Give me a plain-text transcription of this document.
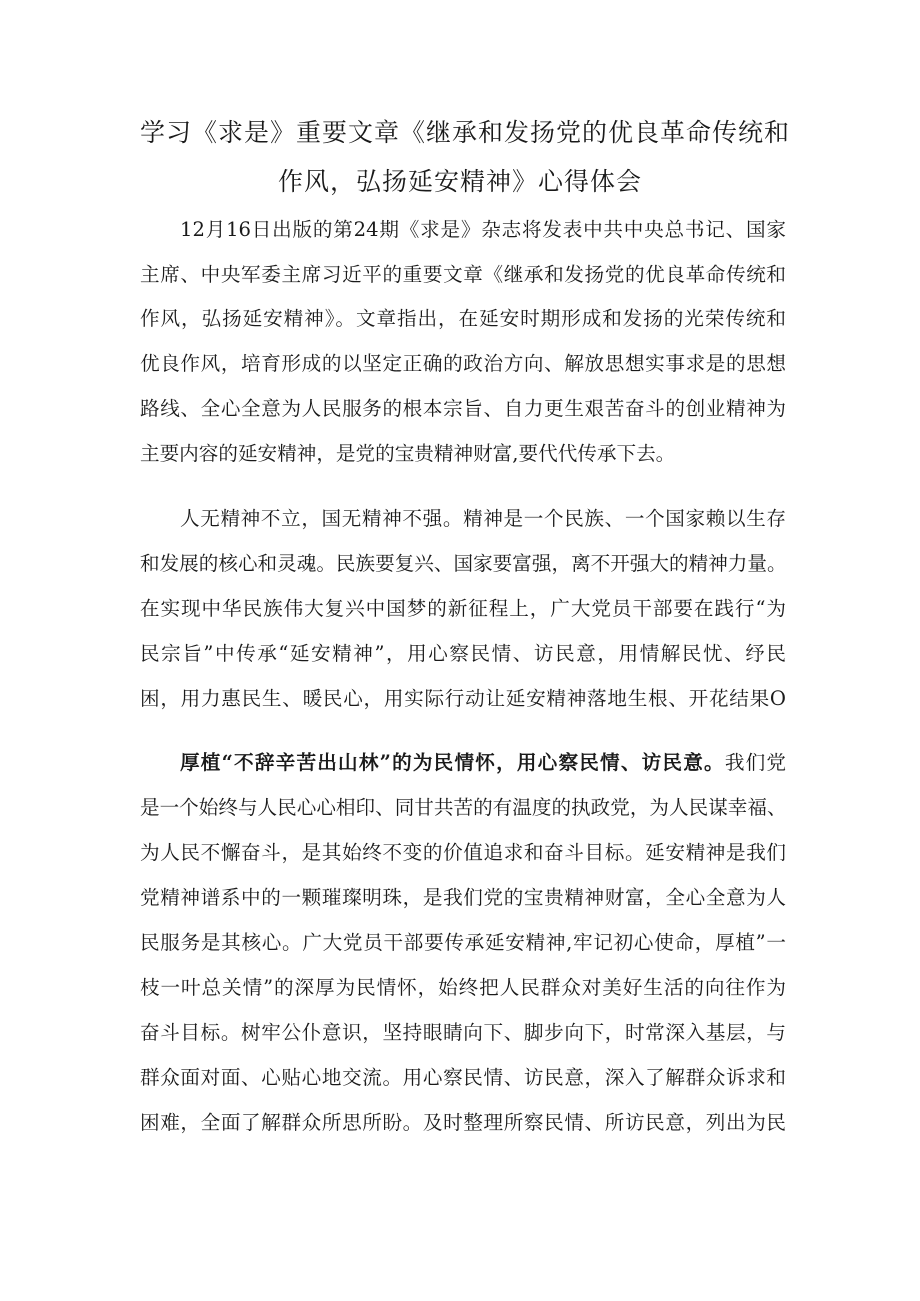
学习《求是》重要文章《继承和发扬党的优良革命传统和
作风，弘扬延安精神》心得体会

12月16日出版的第24期《求是》杂志将发表中共中央总书记、国家

主席、中央军委主席习近平的重要文章《继承和发扬党的优良革命传统和

作风，弘扬延安精神》。文章指出，在延安时期形成和发扬的光荣传统和

优良作风，培育形成的以坚定正确的政治方向、解放思想实事求是的思想

路线、全心全意为人民服务的根本宗旨、自力更生艰苦奋斗的创业精神为

主要内容的延安精神，是党的宝贵精神财富,要代代传承下去。

人无精神不立，国无精神不强。精神是一个民族、一个国家赖以生存

和发展的核心和灵魂。民族要复兴、国家要富强，离不开强大的精神力量。

在实现中华民族伟大复兴中国梦的新征程上，广大党员干部要在践行“为

民宗旨”中传承“延安精神”，用心察民情、访民意，用情解民忧、纾民

困，用力惠民生、暖民心，用实际行动让延安精神落地生根、开花结果O

厚植“不辞辛苦出山林”的为民情怀，用心察民情、访民意。我们党

是一个始终与人民心心相印、同甘共苦的有温度的执政党，为人民谋幸福、

为人民不懈奋斗，是其始终不变的价值追求和奋斗目标。延安精神是我们

党精神谱系中的一颗璀璨明珠，是我们党的宝贵精神财富，全心全意为人

民服务是其核心。广大党员干部要传承延安精神,牢记初心使命，厚植”一

枝一叶总关情”的深厚为民情怀，始终把人民群众对美好生活的向往作为

奋斗目标。树牢公仆意识，坚持眼睛向下、脚步向下，时常深入基层，与

群众面对面、心贴心地交流。用心察民情、访民意，深入了解群众诉求和

困难，全面了解群众所思所盼。及时整理所察民情、所访民意，列出为民
